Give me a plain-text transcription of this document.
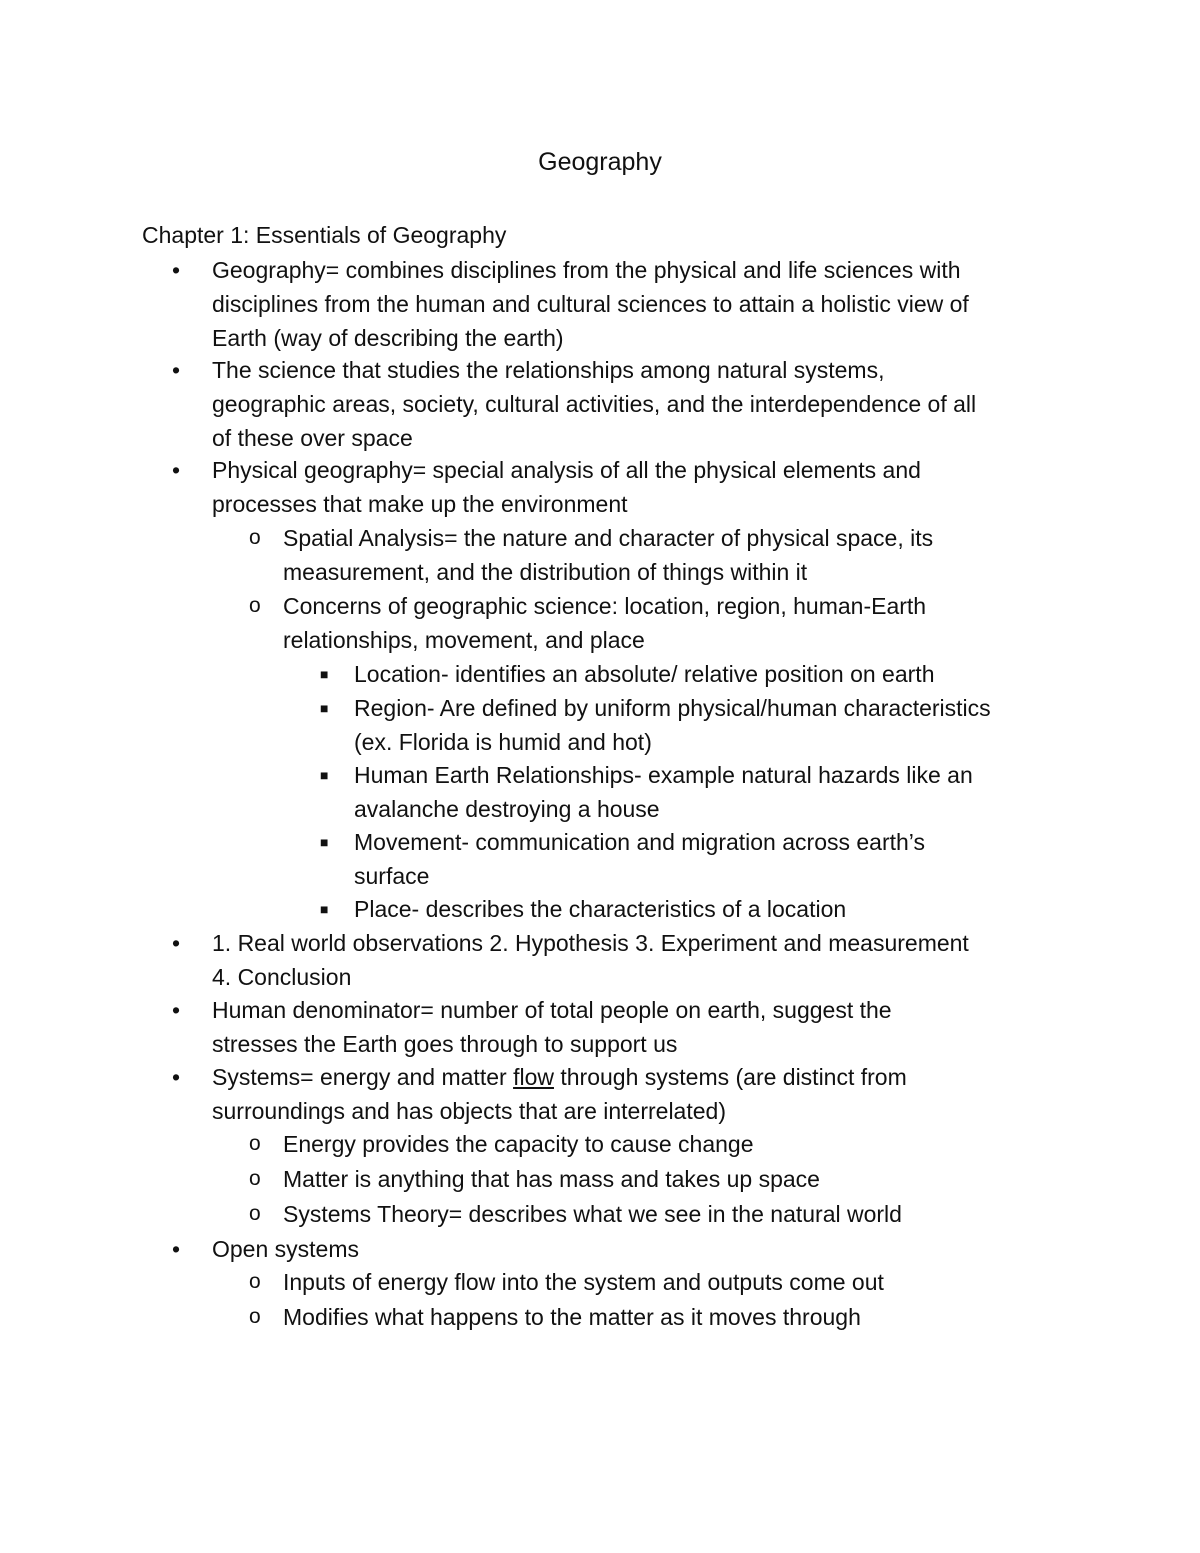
Geography
Chapter 1: Essentials of Geography
• Geography= combines disciplines from the physical and life sciences with
disciplines from the human and cultural sciences to attain a holistic view of
Earth (way of describing the earth)
• The science that studies the relationships among natural systems,
geographic areas, society, cultural activities, and the interdependence of all
of these over space
• Physical geography= special analysis of all the physical elements and
processes that make up the environment
o Spatial Analysis= the nature and character of physical space, its
measurement, and the distribution of things within it
o Concerns of geographic science: location, region, human-Earth
relationships, movement, and place
■ Location- identifies an absolute/ relative position on earth
■ Region- Are defined by uniform physical/human characteristics
(ex. Florida is humid and hot)
■ Human Earth Relationships- example natural hazards like an
avalanche destroying a house
■ Movement- communication and migration across earth’s
surface
■ Place- describes the characteristics of a location
• 1. Real world observations 2. Hypothesis 3. Experiment and measurement
4. Conclusion
• Human denominator= number of total people on earth, suggest the
stresses the Earth goes through to support us
• Systems= energy and matter flow through systems (are distinct from
surroundings and has objects that are interrelated)
o Energy provides the capacity to cause change
o Matter is anything that has mass and takes up space
o Systems Theory= describes what we see in the natural world
• Open systems
o Inputs of energy flow into the system and outputs come out
o Modifies what happens to the matter as it moves through
